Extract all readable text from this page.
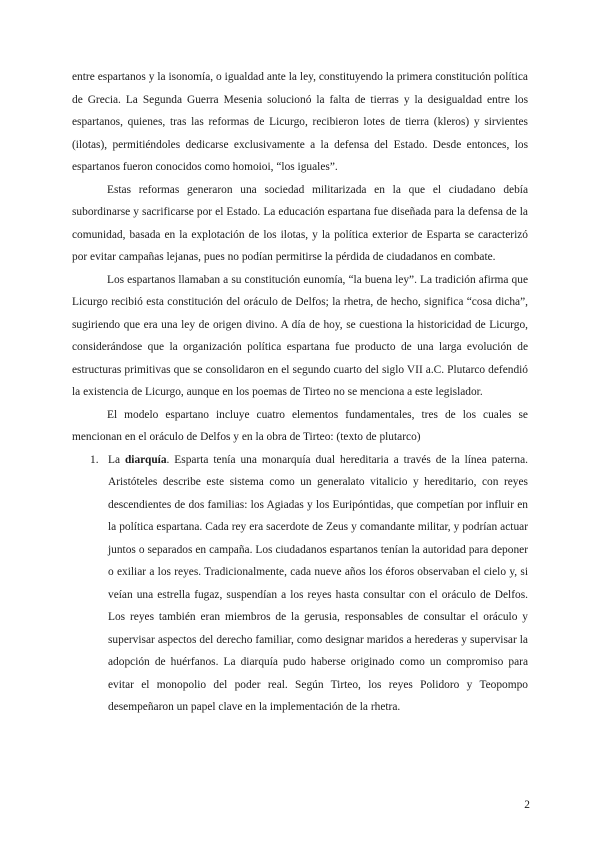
entre espartanos y la isonomía, o igualdad ante la ley, constituyendo la primera constitución política de Grecia. La Segunda Guerra Mesenia solucionó la falta de tierras y la desigualdad entre los espartanos, quienes, tras las reformas de Licurgo, recibieron lotes de tierra (kleros) y sirvientes (ilotas), permitiéndoles dedicarse exclusivamente a la defensa del Estado. Desde entonces, los espartanos fueron conocidos como homoioi, “los iguales”.

Estas reformas generaron una sociedad militarizada en la que el ciudadano debía subordinarse y sacrificarse por el Estado. La educación espartana fue diseñada para la defensa de la comunidad, basada en la explotación de los ilotas, y la política exterior de Esparta se caracterizó por evitar campañas lejanas, pues no podían permitirse la pérdida de ciudadanos en combate.

Los espartanos llamaban a su constitución eunomía, “la buena ley”. La tradición afirma que Licurgo recibió esta constitución del oráculo de Delfos; la rhetra, de hecho, significa “cosa dicha”, sugiriendo que era una ley de origen divino. A día de hoy, se cuestiona la historicidad de Licurgo, considerándose que la organización política espartana fue producto de una larga evolución de estructuras primitivas que se consolidaron en el segundo cuarto del siglo VII a.C. Plutarco defendió la existencia de Licurgo, aunque en los poemas de Tirteo no se menciona a este legislador.

El modelo espartano incluye cuatro elementos fundamentales, tres de los cuales se mencionan en el oráculo de Delfos y en la obra de Tirteo: (texto de plutarco)

1. La diarquía. Esparta tenía una monarquía dual hereditaria a través de la línea paterna. Aristóteles describe este sistema como un generalato vitalicio y hereditario, con reyes descendientes de dos familias: los Agiadas y los Euripóntidas, que competían por influir en la política espartana. Cada rey era sacerdote de Zeus y comandante militar, y podrían actuar juntos o separados en campaña. Los ciudadanos espartanos tenían la autoridad para deponer o exiliar a los reyes. Tradicionalmente, cada nueve años los éforos observaban el cielo y, si veían una estrella fugaz, suspendían a los reyes hasta consultar con el oráculo de Delfos. Los reyes también eran miembros de la gerusia, responsables de consultar el oráculo y supervisar aspectos del derecho familiar, como designar maridos a herederas y supervisar la adopción de huérfanos. La diarquía pudo haberse originado como un compromiso para evitar el monopolio del poder real. Según Tirteo, los reyes Polidoro y Teopompo desempeñaron un papel clave en la implementación de la rhetra.
2
